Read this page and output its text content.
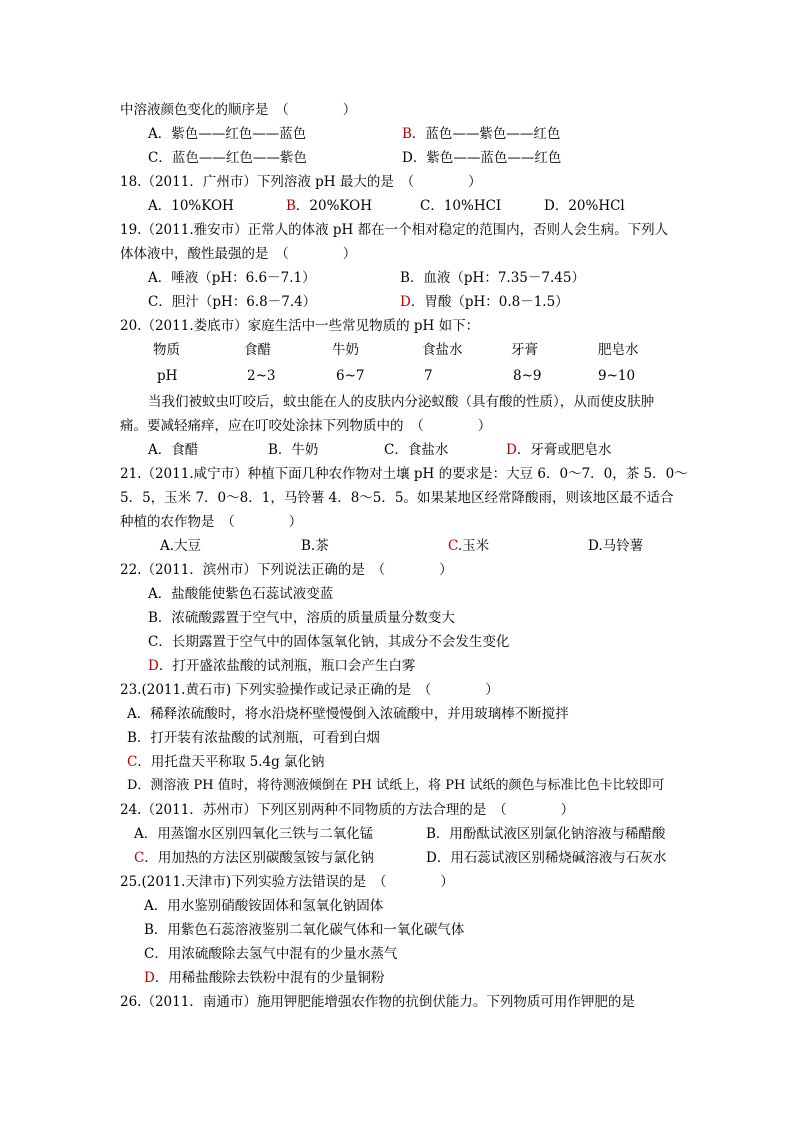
中溶液颜色变化的顺序是　（　　　　）
A．紫色——红色——蓝色	B．蓝色——紫色——红色
C．蓝色——红色——紫色	D．紫色——蓝色——红色
18.（2011．广州市）下列溶液 pH 最大的是　（　　　　）
A．10%KOH	B．20%KOH	C．10%HCI	D．20%HCl
19.（2011.雅安市）正常人的体液 pH 都在一个相对稳定的范围内，否则人会生病。下列人
体体液中，酸性最强的是　（　　　　）
A．唾液（pH：6.6－7.1）	B．血液（pH：7.35－7.45）
C．胆汁（pH：6.8－7.4）	D．胃酸（pH：0.8－1.5）
20.（2011.娄底市）家庭生活中一些常见物质的 pH 如下：
物质	食醋	牛奶	食盐水	牙膏	肥皂水
pH	2~3	6~7	7	8~9	9~10
当我们被蚊虫叮咬后，蚊虫能在人的皮肤内分泌蚁酸（具有酸的性质），从而使皮肤肿
痛。要减轻痛痒，应在叮咬处涂抹下列物质中的　（　　　　）
A．食醋	B．牛奶	C．食盐水	D．牙膏或肥皂水
21.（2011.咸宁市）种植下面几种农作物对土壤 pH 的要求是：大豆 6．0～7．0，茶 5．0～
5．5，玉米 7．0～8．1，马铃薯 4．8～5．5。如果某地区经常降酸雨，则该地区最不适合
种植的农作物是　（　　　　）
A.大豆	B.茶	C.玉米	D.马铃薯
22.（2011．滨州市）下列说法正确的是　（　　　　）
A．盐酸能使紫色石蕊试液变蓝
B．浓硫酸露置于空气中，溶质的质量质量分数变大
C．长期露置于空气中的固体氢氧化钠，其成分不会发生变化
D．打开盛浓盐酸的试剂瓶，瓶口会产生白雾
23.(2011.黄石市) 下列实验操作或记录正确的是　（　　　　）
A．稀释浓硫酸时，将水沿烧杯壁慢慢倒入浓硫酸中，并用玻璃棒不断搅拌
B．打开装有浓盐酸的试剂瓶，可看到白烟
C．用托盘天平称取 5.4g 氯化钠
D．测溶液 PH 值时，将待测液倾倒在 PH 试纸上，将 PH 试纸的颜色与标准比色卡比较即可
24.（2011．苏州市）下列区别两种不同物质的方法合理的是　（　　　　）
A．用蒸馏水区别四氧化三铁与二氧化锰	B．用酚酞试液区别氯化钠溶液与稀醋酸
C．用加热的方法区别碳酸氢铵与氯化钠	D．用石蕊试液区别稀烧碱溶液与石灰水
25.(2011.天津市)下列实验方法错误的是　（　　　　）
A．用水鉴别硝酸铵固体和氢氧化钠固体
B．用紫色石蕊溶液鉴别二氧化碳气体和一氧化碳气体
C．用浓硫酸除去氢气中混有的少量水蒸气
D．用稀盐酸除去铁粉中混有的少量铜粉
26.（2011．南通市）施用钾肥能增强农作物的抗倒伏能力。下列物质可用作钾肥的是
